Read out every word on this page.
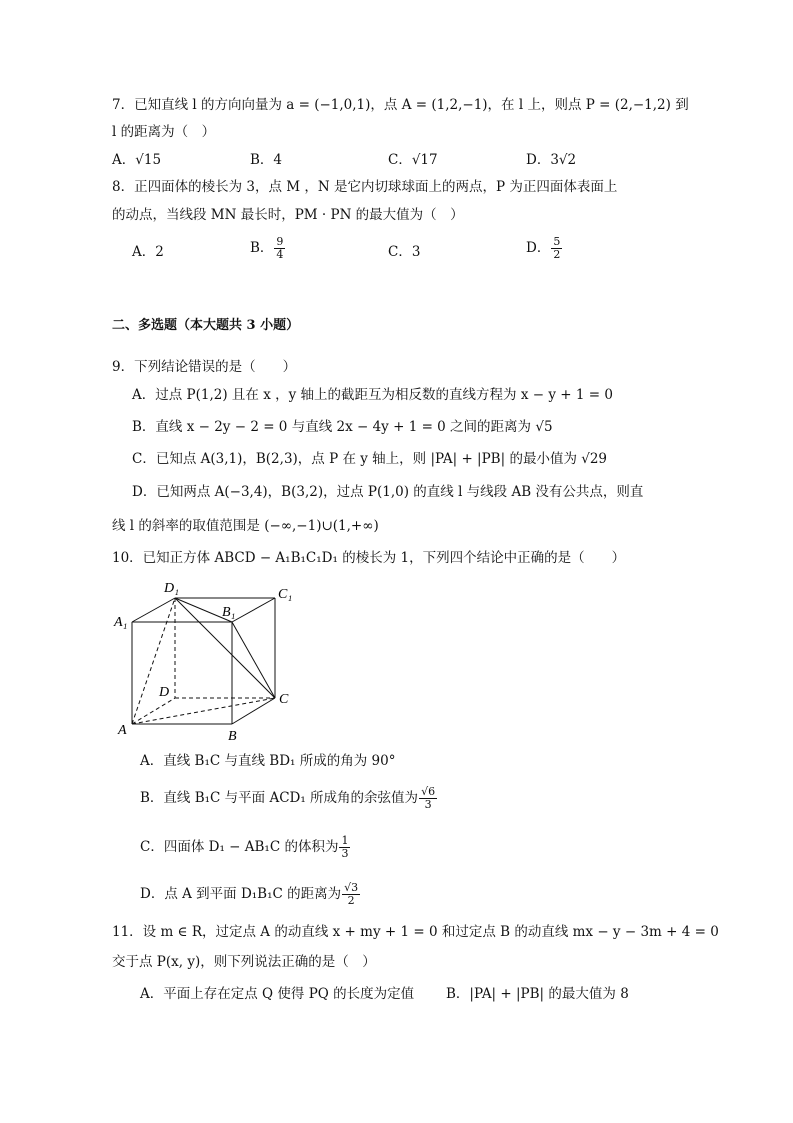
7．已知直线 l 的方向向量为 a = (−1,0,1)，点 A = (1,2,−1)，在 l 上，则点 P = (2,−1,2) 到
l 的距离为（　）
A．√15	B．4	C．√17	D．3√2
8．正四面体的棱长为 3，点 M ，N 是它内切球球面上的两点，P 为正四面体表面上
的动点，当线段 MN 最长时，PM · PN 的最大值为（　）
A．2	B． $\frac{9}{4}$	C．3	D． $\frac{5}{2}$
二、多选题（本大题共 3 小题）
9．下列结论错误的是（　　）
A．过点 P(1,2) 且在 x ，y 轴上的截距互为相反数的直线方程为 x − y + 1 = 0
B．直线 x − 2y − 2 = 0 与直线 2x − 4y + 1 = 0 之间的距离为 √5
C．已知点 A(3,1)，B(2,3)，点 P 在 y 轴上，则 |PA| + |PB| 的最小值为 √29
D．已知两点 A(−3,4)，B(3,2)，过点 P(1,0) 的直线 l 与线段 AB 没有公共点，则直
线 l 的斜率的取值范围是 (−∞,−1)∪(1,+∞)
10．已知正方体 ABCD − A₁B₁C₁D₁ 的棱长为 1，下列四个结论中正确的是（　　）
D₁	C₁
A₁
B₁
D	C
A	B
A．直线 B₁C 与直线 BD₁ 所成的角为 90°
B．直线 B₁C 与平面 ACD₁ 所成角的余弦值为 $\frac{√6}{3}$
C．四面体 D₁ − AB₁C 的体积为 $\frac{1}{3}$
D．点 A 到平面 D₁B₁C 的距离为 $\frac{√3}{2}$
11．设 m ∈ R，过定点 A 的动直线 x + my + 1 = 0 和过定点 B 的动直线 mx − y − 3m + 4 = 0
交于点 P(x, y)，则下列说法正确的是（　）
A．平面上存在定点 Q 使得 PQ 的长度为定值 B．|PA| + |PB| 的最大值为 8
